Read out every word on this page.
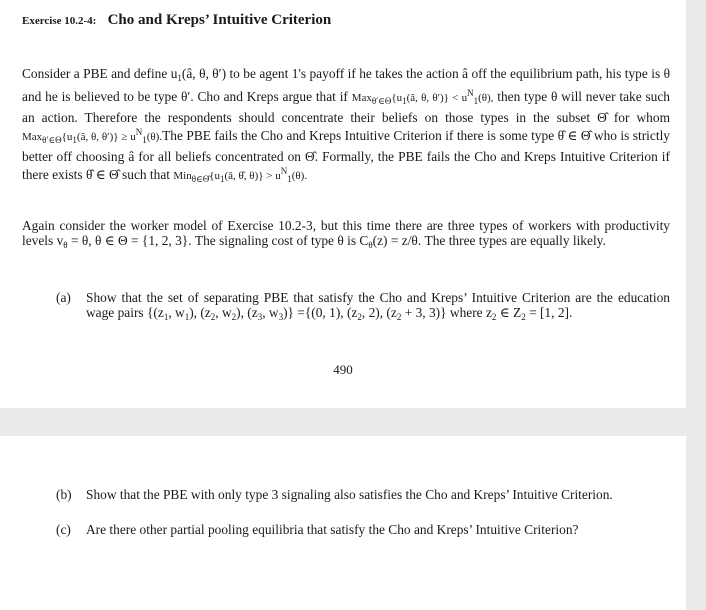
Exercise 10.2-4: Cho and Kreps’ Intuitive Criterion
Consider a PBE and define $u_1(â$, θ, θ′) to be agent 1's payoff if he takes the action â off the equilibrium path, his type is θ and he is believed to be type θ′. Cho and Kreps argue that if $Max_{\theta'\in\Theta}\{u_1(â$, θ, $\theta')\} < u^N_1(\theta)$, then type θ will never take such an action. Therefore the respondents should concentrate their beliefs on those types in the subset Θ̂ for whom $Max_{\theta'\in\Theta}\{u_1(â$, θ, $\theta')\} \ge u^N_1(\theta).The$ PBE fails the Cho and Kreps Intuitive Criterion if there is some type θ̂ ∈ Θ̂ who is strictly better off choosing â for all beliefs concentrated on Θ̂. Formally, the PBE fails the Cho and Kreps Intuitive Criterion if there exists θ̂ ∈ Θ̂ such that $Min_{\theta\in\Thetâ}\{u_1(â$, θ̂, $\theta)\} > u^N_1(\theta)$.
Again consider the worker model of Exercise 10.2-3, but this time there are three types of workers with productivity levels $v_\theta = \theta$, θ ∈ Θ = {1, 2, 3}. The signaling cost of type θ is $C_\theta(z) = z/\theta$. The three types are equally likely.
(a) Show that the set of separating PBE that satisfy the Cho and Kreps’ Intuitive Criterion are the education wage pairs {($z_1$, $w_1$), ($z_2$, $w_2$), ($z_3$, $w_3)\} =\{(0$, 1), ($z_2$, 2), ($z_2 + 3$, 3)} where $z_2$ ∈ $Z_2 = [1$, 2].
490
(b) Show that the PBE with only type 3 signaling also satisfies the Cho and Kreps’ Intuitive Criterion.
(c) Are there other partial pooling equilibria that satisfy the Cho and Kreps’ Intuitive Criterion?
